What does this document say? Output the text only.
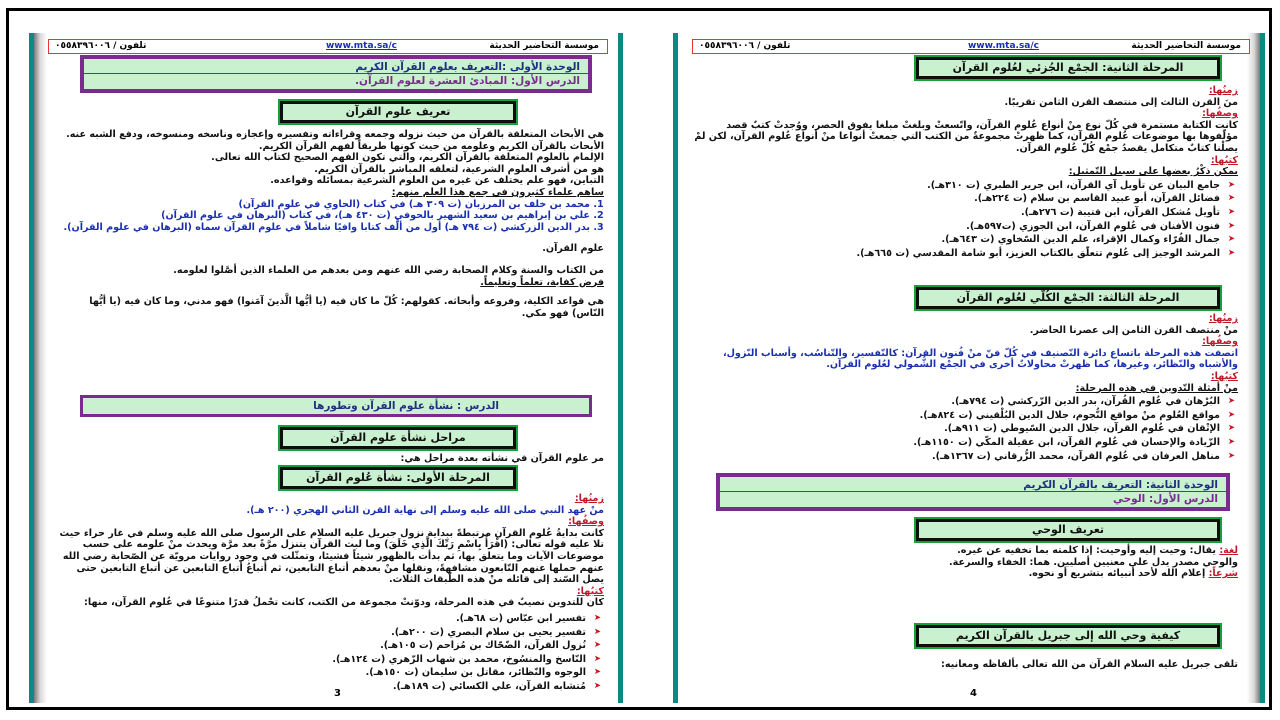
موسسة التحاضير الحديثة
www.mta.sa/c
تلفون / ٠٥٥٨٣٩٦٠٠٦
الوحدة الأولى :التعريف بعلوم القرآن الكريم
الدرس الأول: المبادئ العشرة لعلوم القرآن.
تعريف علوم القرآن
هي الأبحاث المتعلقة بالقرآن من حيث نزوله وجمعه وقراءاته وتفسيره وإعجازه وناسخه ومنسوخه، ودفع الشبه عنه.
الأبحاث بالقرآن الكريم وعلومه من حيث كونها طريقاً لفهم القرآن الكريم.
الإلمام بالعلوم المتعلقة بالقرآن الكريم، والتي تكون الفهم الصحيح لكتاب الله تعالى.
هو من أشرف العلوم الشرعية، لتعلقه المباشر بالقرآن الكريم.
التباين، فهو علم يختلف عن غيره من العلوم الشرعية بمسائله وقواعده.
ساهم علماء كثيرون في جمع هذا العلم منهم:
1. محمد بن خلف بن المرزبان (ت ٣٠٩ هـ) في كتاب (الحاوي في علوم القرآن)
2. علي بن إبراهيم بن سعيد الشهير بالحوفي (ت ٤٣٠ هـ)، في كتاب (البرهان في علوم القرآن)
3. بدر الدين الزركشي (ت ٧٩٤ هـ) أول من ألَّف كتابا وافيًا شاملاً في علوم القرآن سماه (البرهان في علوم القرآن).
علوم القرآن.
من الكتاب والسنة وكلام الصحابة رضي الله عنهم ومن بعدهم من العلماء الذين أصَّلوا لعلومه.
فرض كفاية، تعلماً وتعليماً.
هي قواعد الكلية، وفروعه وأبحاثه. كقولهم: كُلّ ما كان فيه (يا أيُّها الَّذينَ آمَنوا) فهو مدني، وما كان فيه (يا أيُّها النّاس) فهو مكي.
الدرس : نشأة علوم القرآن وتطورها
مراحل نشأة علوم القرآن
مر علوم القرآن في نشأته بعدة مراحل هي:
المرحلة الأولى: نشأة عُلوم القرآن
زمنُها:
منْ عهد النبي صلى الله عليه وسلم إلى نهاية القرن الثاني الهجري (٢٠٠ هـ).
وصفُها:
كانت بدايةُ عُلوم القرآن مرتبطةً ببداية نزول جبريل عليه السلام على الرسول صلى الله عليه وسلم في غار حراء حيث تلا عليه قوله تعالى: (اقْرَأْ بِاسْمِ رَبِّكَ الَّذِي خَلَقَ) وما لبث القرآن يتنزل مرَّةً بعد مرَّة ويحدث منْ علومه على حسب موضوعات الآيات وما يتعلق بها، ثم بدأت بالظهور شيئاً فشيئا، وتمثّلت في وجود روايات مرويّة عن الصّحابة رضي الله عنهم حملها عنهم التّابعون مشافهةً، ونقلها منْ بعدهم أتباع التابعين، ثم أتباعُ أتباع التابعين عن أتباع التابعين حتى يصل السّند إلى قائله منْ هذه الطّبقات الثلاث.
كتبُها:
كان للتدوين نصيبٌ في هذه المرحلة، ودوّنتْ مجموعة من الكتب، كانت تحْملُ قدرًا متنوعًا في عُلوم القرآن، منها:
➤ تفسير ابن عبّاس (ت ٦٨هـ).
➤ تفسير يحيى بن سلام البصري (ت ٢٠٠هـ).
➤ نُزول القرآن، الضّحّاك بن مُزاحم (ت ١٠٥هـ).
➤ النّاسخ والمنسُوخ، محمد بن شهاب الزّهري (ت ١٢٤هـ).
➤ الوجوه والنّظائر، مقاتل بن سليمان (ت ١٥٠هـ).
➤ مُتشابه القرآن، علي الكسائي (ت ١٨٩هـ).
3
موسسة التحاضير الحديثة
www.mta.sa/c
تلفون / ٠٥٥٨٣٩٦٠٠٦
المرحلة الثانية: الجمْع الجُزئي لعُلوم القرآن
زمنُها:
منَ القرن الثالث إلى منتصف القرن الثامن تقريبًا.
وصفُها:
كانت الكتابة مستمرة في كُلّ نوع منْ أنواع عُلوم القرآن، واتّسعتْ وبلغتْ مبلغا يفوق الحصر، ووُجدتْ كتبٌ قصد مؤلّفوها بها موضوعات عُلوم القرآن، كما ظهرتْ مجموعةٌ من الكتب التي جمعتْ أنواعا منْ أنواع عُلوم القرآن، لكن لمْ يصلْنا كتابٌ متكامل يقصدُ جمْع كُلّ عُلوم القرآن.
كتبُها:
يمكن ذكْرُ بعضها على سبيل التّمثيل:
➤ جامع البيان عن تأويل آي القرآن، ابن جرير الطبري (ت ٣١٠هـ).
➤ فضائل القرآن، أبو عبيد القاسم بن سلام (ت ٢٢٤هـ).
➤ تأويل مُشكل القرآن، ابن قتيبة (ت ٢٧٦هـ).
➤ فنون الأفنان في عُلوم القرآن، ابن الجوزي (ت٥٩٧هـ).
➤ جمال القُرّاء وكمال الإقراء، علم الدين السّخاوي (ت ٦٤٣هـ).
➤ المرشد الوجيز إلى عُلوم تتعلّق بالكتاب العزيز، أبو شامة المقدسي (ت ٦٦٥هـ).
المرحلة الثالثة: الجمْع الكُلّي لعُلوم القرآن
زمنُها:
منْ منتصف القرن الثامن إلى عصرنا الحاضر.
وصفُها:
اتصفت هذه المرحلة باتساع دائرة التّصنيف في كُلّ فنّ منْ فُنون القرآن: كالتّفسير، والتّناسُب، وأسباب النّزول، والأشباه والنّظائر، وغيرها، كما ظهرتْ محاولاتٌ أخرى في الجمْع الشُّمولي لعُلوم القرآن.
كتبُها:
منْ أمثلة التّدوين في هذه المرحلة:
➤ البُرْهان في عُلوم القُرآن، بدر الدين الزّركشي (ت ٧٩٤هـ).
➤ مواقع العُلوم منْ مواقع النُّجوم، جلال الدين البُلْقيني (ت ٨٢٤هـ).
➤ الإتْقان في عُلوم القرآن، جلال الدين السّيوطي (ت ٩١١هـ).
➤ الزّيادة والإحسان في عُلوم القرآن، ابن عقيلة المكّي (ت ١١٥٠هـ).
➤ مناهل العرفان في عُلوم القرآن، محمد الزُّرقاني (ت ١٣٦٧هـ).
الوحدة الثانية: التعريف بالقرآن الكريم
الدرس الأول: الوحي
تعريف الوحي
لغة: يقال: وحيت إليه وأوحيت: إذا كلمته بما تخفيه عن غيره.
والوحي مصدر يدل على معنيين أصليين. هما: الخفاء والسرعة.
شرعاً: إعلام الله لأحد أنبيائه بتشريع أو نحوه.
كيفية وحي الله إلى جبريل بالقرآن الكريم
تلقى جبريل عليه السلام القرآن من الله تعالى بألفاظه ومعانيه:
4
